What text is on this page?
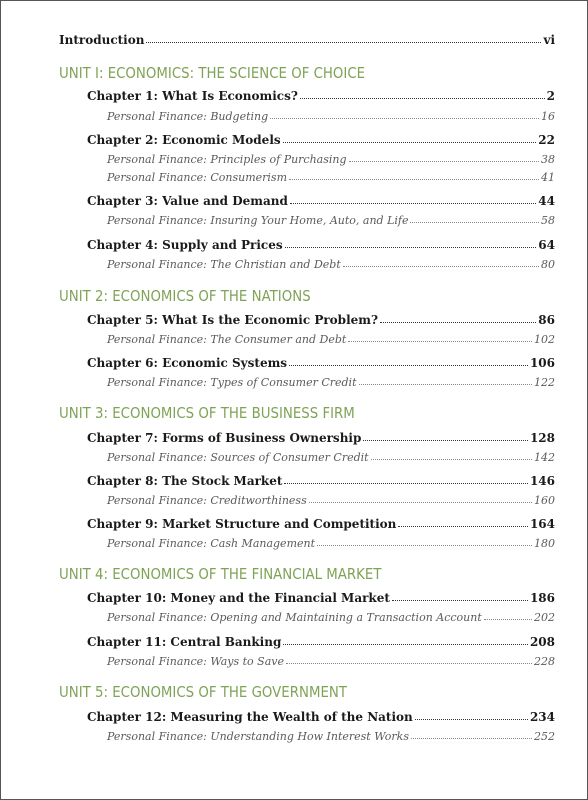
Introduction	vi
UNIT I: ECONOMICS: THE SCIENCE OF CHOICE
Chapter 1: What Is Economics?	2
Personal Finance: Budgeting	16
Chapter 2: Economic Models	22
Personal Finance: Principles of Purchasing	38
Personal Finance: Consumerism	41
Chapter 3: Value and Demand	44
Personal Finance: Insuring Your Home, Auto, and Life	58
Chapter 4: Supply and Prices	64
Personal Finance: The Christian and Debt	80
UNIT 2: ECONOMICS OF THE NATIONS
Chapter 5: What Is the Economic Problem?	86
Personal Finance: The Consumer and Debt	102
Chapter 6: Economic Systems	106
Personal Finance: Types of Consumer Credit	122
UNIT 3: ECONOMICS OF THE BUSINESS FIRM
Chapter 7: Forms of Business Ownership	128
Personal Finance: Sources of Consumer Credit	142
Chapter 8: The Stock Market	146
Personal Finance: Creditworthiness	160
Chapter 9: Market Structure and Competition	164
Personal Finance: Cash Management	180
UNIT 4: ECONOMICS OF THE FINANCIAL MARKET
Chapter 10: Money and the Financial Market	186
Personal Finance: Opening and Maintaining a Transaction Account	202
Chapter 11: Central Banking	208
Personal Finance: Ways to Save	228
UNIT 5: ECONOMICS OF THE GOVERNMENT
Chapter 12: Measuring the Wealth of the Nation	234
Personal Finance: Understanding How Interest Works	252
